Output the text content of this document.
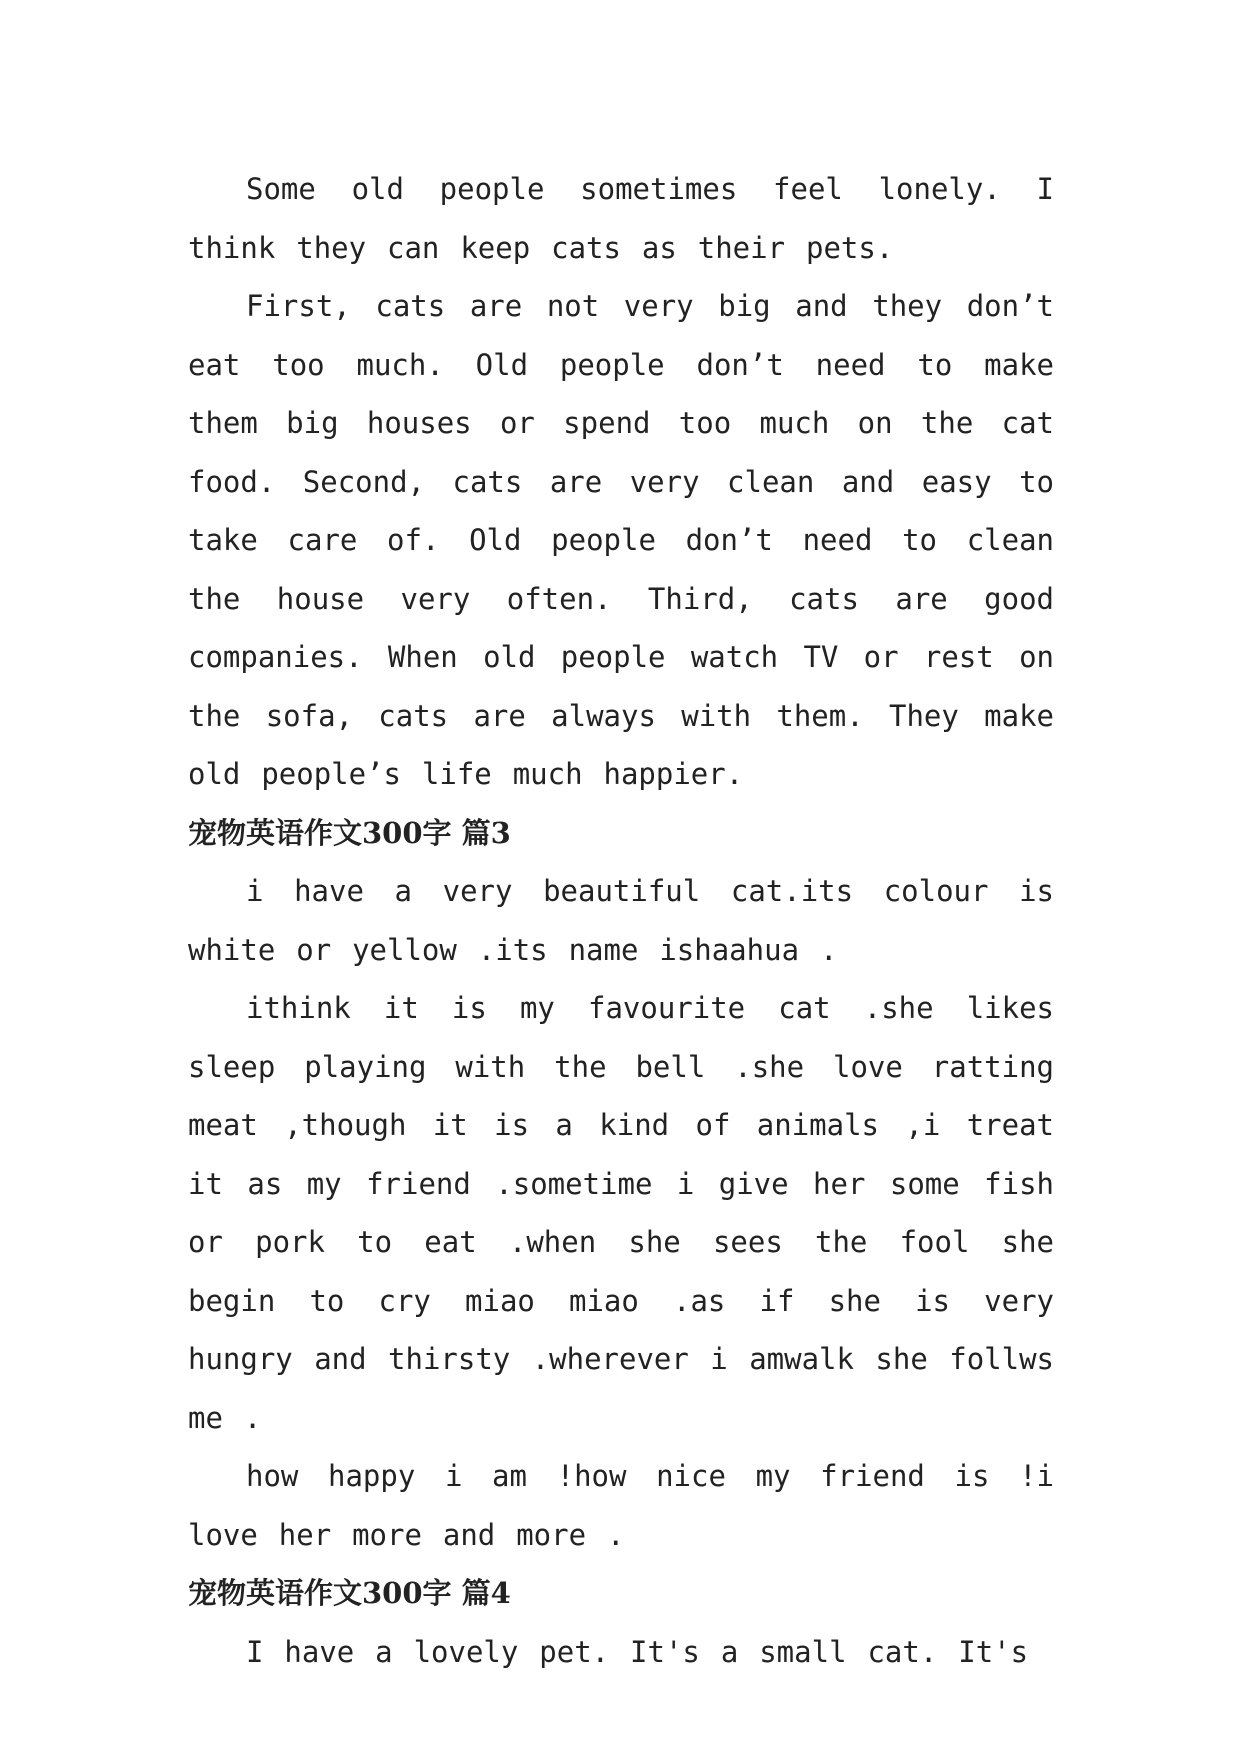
Some old people sometimes feel lonely. I think they can keep cats as their pets.

First, cats are not very big and they don’t eat too much. Old people don’t need to make them big houses or spend too much on the cat food. Second, cats are very clean and easy to take care of. Old people don’t need to clean the house very often. Third, cats are good companies. When old people watch TV or rest on the sofa, cats are always with them. They make old people’s life much happier.

宠物英语作文300字 篇3

i have a very beautiful cat.its colour is white or yellow .its name ishaahua .

ithink it is my favourite cat .she likes sleep playing with the bell .she love ratting meat ,though it is a kind of animals ,i treat it as my friend .sometime i give her some fish or pork to eat .when she sees the fool she begin to cry miao miao .as if she is very hungry and thirsty .wherever i amwalk she follws me .

how happy i am !how nice my friend is !i love her more and more .

宠物英语作文300字 篇4

I have a lovely pet. It's a small cat. It's
